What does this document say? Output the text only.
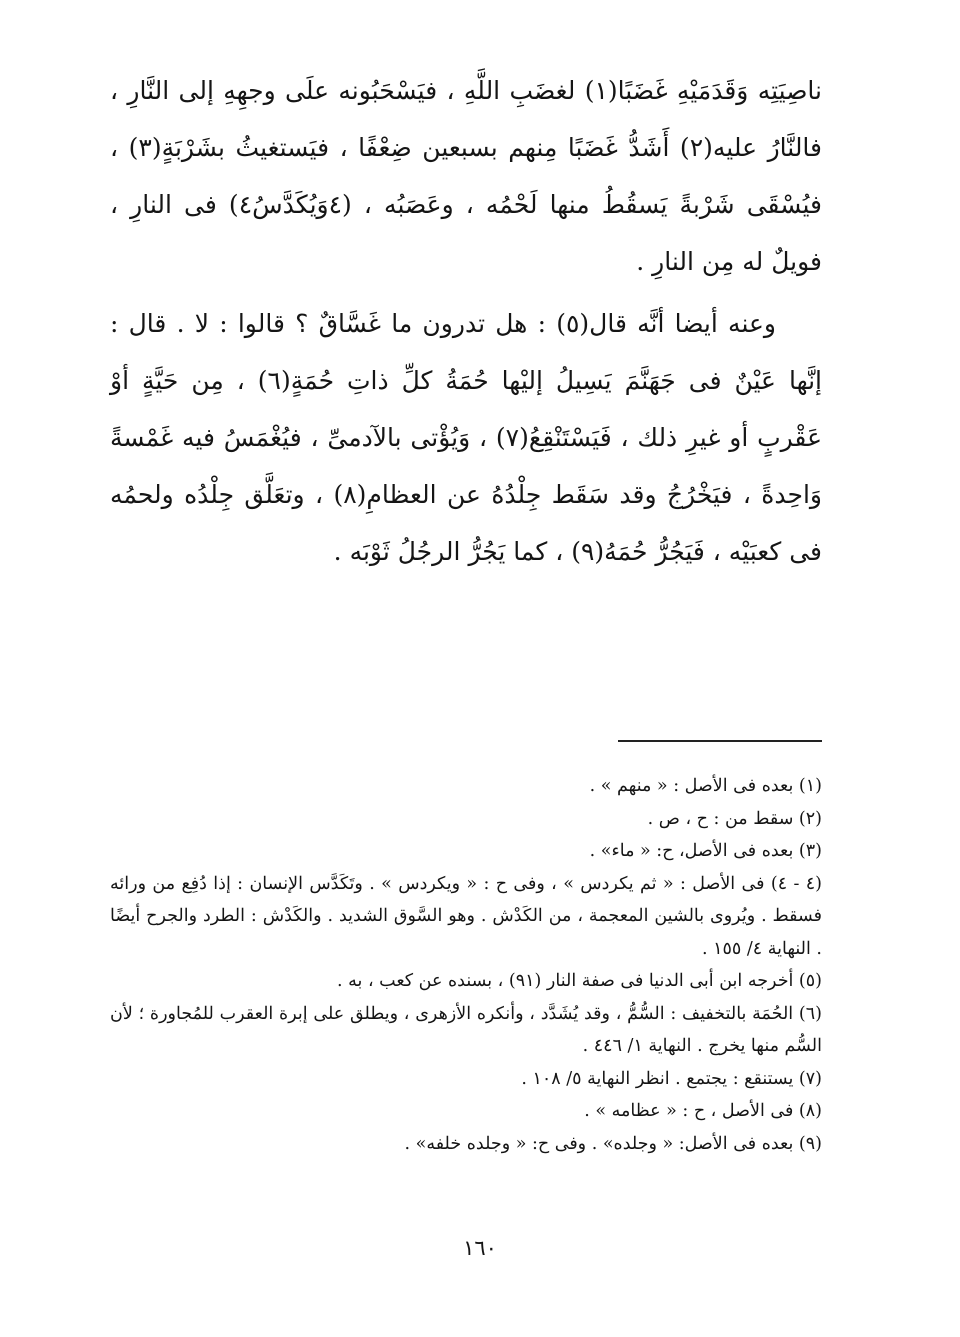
ناصِيَتِه وَقَدَمَيْهِ غَضَبًا(١) لغضَبِ اللَّهِ ، فيَسْحَبُونه علَى وجهِهِ إلى النَّارِ ، فالنَّارُ عليه(٢) أَشَدُّ غَضَبًا مِنهم بسبعين ضِعْفًا ، فيَستغيثُ بشَرْبَةٍ(٣) ، فيُسْقَى شَرْبةً يَسقُطُ منها لَحْمُه ، وعَصَبُه ، (٤وَيُكَدَّسُ٤) فى النارِ ، فويلٌ له مِن النارِ .

وعنه أيضا أنَّه قال(٥) : هل تدرون ما غَسَّاقٌ ؟ قالوا : لا . قال : إنَّها عَيْنٌ فى جَهَنَّمَ يَسِيلُ إليْها حُمَةُ كلِّ ذاتِ حُمَةٍ(٦) ، مِن حَيَّةٍ أوْ عَقْربٍ أو غيرِ ذلك ، فَيَسْتَنْقِعُ(٧) ، وَيُؤْتى بالآدمىِّ ، فيُغْمَسُ فيه غَمْسةً وَاحِدةً ، فيَخْرُجُ وقد سَقَط جِلْدُهُ عن العظامِ(٨) ، وتعَلَّق جِلْدُه ولحمُه فى كعبَيْه ، فَيَجُرُّ حُمَهُ(٩) ، كما يَجُرُّ الرجُلُ ثَوْبَه .

(١) بعده فى الأصل : « منهم » .

(٢) سقط من : ح ، ص .

(٣) بعده فى الأصل، ح: « ماء» .

(٤ - ٤) فى الأصل : « ثم يكردس » ، وفى ح : « ويكردس » . وتَكَدَّس الإنسان : إذا دُفِع من ورائه فسقط . ويُروى بالشين المعجمة ، من الكَدْش . وهو السَّوق الشديد . والكَدْش : الطرد والجرح أيضًا . النهاية ٤/ ١٥٥ .

(٥) أخرجه ابن أبى الدنيا فى صفة النار (٩١) ، بسنده عن كعب ، به .

(٦) الحُمَة بالتخفيف : السُّمُّ ، وقد يُشَدَّد ، وأنكره الأزهرى ، ويطلق على إبرة العقرب للمُجاورة ؛ لأن السُّم منها يخرج . النهاية ١/ ٤٤٦ .

(٧) يستنقع : يجتمع . انظر النهاية ٥/ ١٠٨ .

(٨) فى الأصل ، ح : « عظامه » .

(٩) بعده فى الأصل: « وجلده» . وفى ح: « وجلده خلفه» .

١٦٠
